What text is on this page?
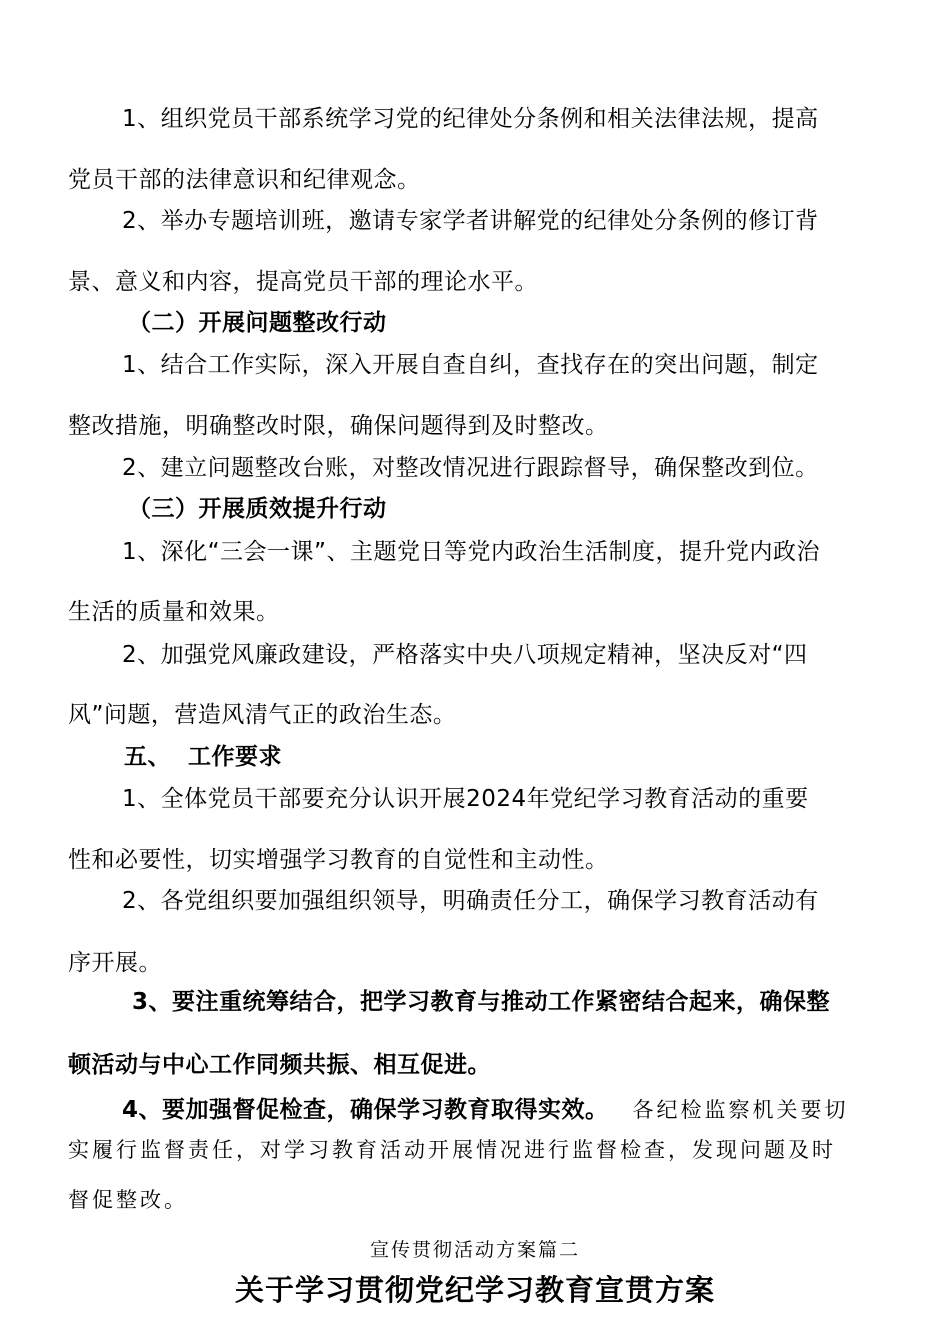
1、组织党员干部系统学习党的纪律处分条例和相关法律法规，提高
党员干部的法律意识和纪律观念。
2、举办专题培训班，邀请专家学者讲解党的纪律处分条例的修订背
景、意义和内容，提高党员干部的理论水平。
（二）开展问题整改行动
1、结合工作实际，深入开展自查自纠，查找存在的突出问题，制定
整改措施，明确整改时限，确保问题得到及时整改。
2、建立问题整改台账，对整改情况进行跟踪督导，确保整改到位。
（三）开展质效提升行动
1、深化“三会一课”、主题党日等党内政治生活制度，提升党内政治
生活的质量和效果。
2、加强党风廉政建设，严格落实中央八项规定精神，坚决反对“四
风”问题，营造风清气正的政治生态。
五、  工作要求
1、全体党员干部要充分认识开展2024年党纪学习教育活动的重要
性和必要性，切实增强学习教育的自觉性和主动性。
2、各党组织要加强组织领导，明确责任分工，确保学习教育活动有
序开展。
3、要注重统筹结合，把学习教育与推动工作紧密结合起来，确保整
顿活动与中心工作同频共振、相互促进。
4、要加强督促检查，确保学习教育取得实效。 各纪检监察机关要切
实履行监督责任，对学习教育活动开展情况进行监督检查，发现问题及时
督促整改。
宣传贯彻活动方案篇二
关于学习贯彻党纪学习教育宣贯方案
